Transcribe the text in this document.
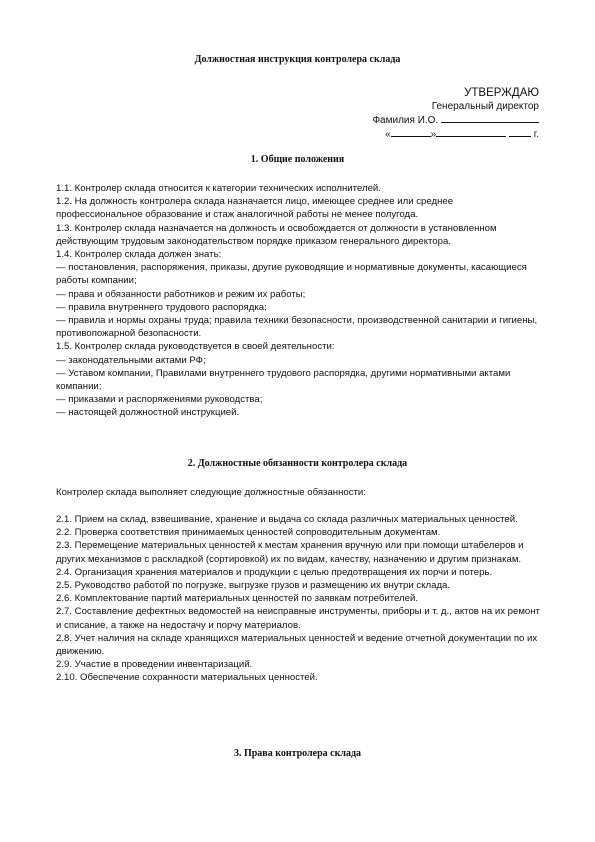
Должностная инструкция контролера склада
УТВЕРЖДАЮ
Генеральный директор
Фамилия И.О.
«	»	г.
1. Общие положения

1.1. Контролер склада относится к категории технических исполнителей.

1.2. На должность контролера склада назначается лицо, имеющее среднее или среднее профессиональное образование и стаж аналогичной работы не менее полугода.

1.3. Контролер склада назначается на должность и освобождается от должности в установленном действующим трудовым законодательством порядке приказом генерального директора.

1.4. Контролер склада должен знать:

— постановления, распоряжения, приказы, другие руководящие и нормативные документы, касающиеся работы компании;

— права и обязанности работников и режим их работы;

— правила внутреннего трудового распорядка;

— правила и нормы охраны труда; правила техники безопасности, производственной санитарии и гигиены, противопожарной безопасности.

1.5. Контролер склада руководствуется в своей деятельности:

— законодательными актами РФ;

— Уставом компании, Правилами внутреннего трудового распорядка, другими нормативными актами компании;

— приказами и распоряжениями руководства;

— настоящей должностной инструкцией.

2. Должностные обязанности контролера склада

Контролер склада выполняет следующие должностные обязанности:

2.1. Прием на склад, взвешивание, хранение и выдача со склада различных материальных ценностей.

2.2. Проверка соответствия принимаемых ценностей сопроводительным документам.

2.3. Перемещение материальных ценностей к местам хранения вручную или при помощи штабелеров и других механизмов с раскладкой (сортировкой) их по видам, качеству, назначению и другим признакам.

2.4. Организация хранения материалов и продукции с целью предотвращения их порчи и потерь.

2.5. Руководство работой по погрузке, выгрузке грузов и размещению их внутри склада.

2.6. Комплектование партий материальных ценностей по заявкам потребителей.

2.7. Составление дефектных ведомостей на неисправные инструменты, приборы и т. д., актов на их ремонт и списание, а также на недостачу и порчу материалов.

2.8. Учет наличия на складе хранящихся материальных ценностей и ведение отчетной документации по их движению.

2.9. Участие в проведении инвентаризаций.

2.10. Обеспечение сохранности материальных ценностей.

3. Права контролера склада
